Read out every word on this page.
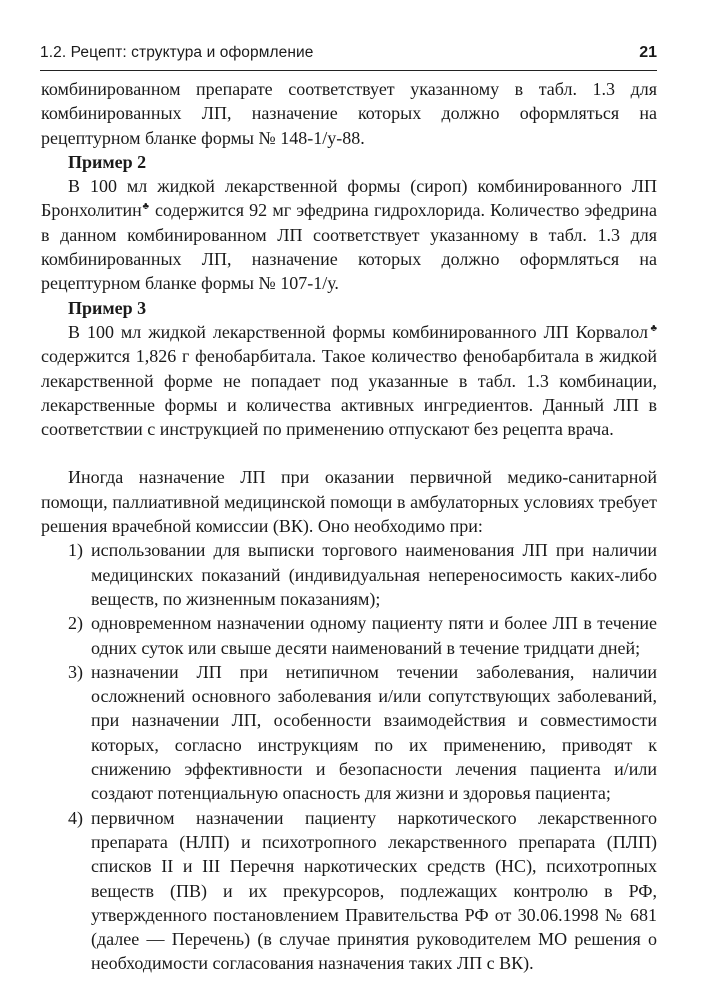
1.2. Рецепт: структура и оформление	21

комбинированном препарате соответствует указанному в табл. 1.3 для комбинированных ЛП, назначение которых должно оформляться на рецептурном бланке формы № 148-1/у-88.

Пример 2

В 100 мл жидкой лекарственной формы (сироп) комбинированного ЛП Бронхолитин♣ содержится 92 мг эфедрина гидрохлорида. Количество эфедрина в данном комбинированном ЛП соответствует указанному в табл. 1.3 для комбинированных ЛП, назначение которых должно оформляться на рецептурном бланке формы № 107-1/у.

Пример 3

В 100 мл жидкой лекарственной формы комбинированного ЛП Корвалол♣ содержится 1,826 г фенобарбитала. Такое количество фенобарбитала в жидкой лекарственной форме не попадает под указанные в табл. 1.3 комбинации, лекарственные формы и количества активных ингредиентов. Данный ЛП в соответствии с инструкцией по применению отпускают без рецепта врача.

Иногда назначение ЛП при оказании первичной медико-санитарной помощи, паллиативной медицинской помощи в амбулаторных условиях требует решения врачебной комиссии (ВК). Оно необходимо при:

1) использовании для выписки торгового наименования ЛП при наличии медицинских показаний (индивидуальная непереносимость каких-либо веществ, по жизненным показаниям);
2) одновременном назначении одному пациенту пяти и более ЛП в течение одних суток или свыше десяти наименований в течение тридцати дней;
3) назначении ЛП при нетипичном течении заболевания, наличии осложнений основного заболевания и/или сопутствующих заболеваний, при назначении ЛП, особенности взаимодействия и совместимости которых, согласно инструкциям по их применению, приводят к снижению эффективности и безопасности лечения пациента и/или создают потенциальную опасность для жизни и здоровья пациента;
4) первичном назначении пациенту наркотического лекарственного препарата (НЛП) и психотропного лекарственного препарата (ПЛП) списков II и III Перечня наркотических средств (НС), психотропных веществ (ПВ) и их прекурсоров, подлежащих контролю в РФ, утвержденного постановлением Правительства РФ от 30.06.1998 № 681 (далее — Перечень) (в случае принятия руководителем МО решения о необходимости согласования назначения таких ЛП с ВК).
